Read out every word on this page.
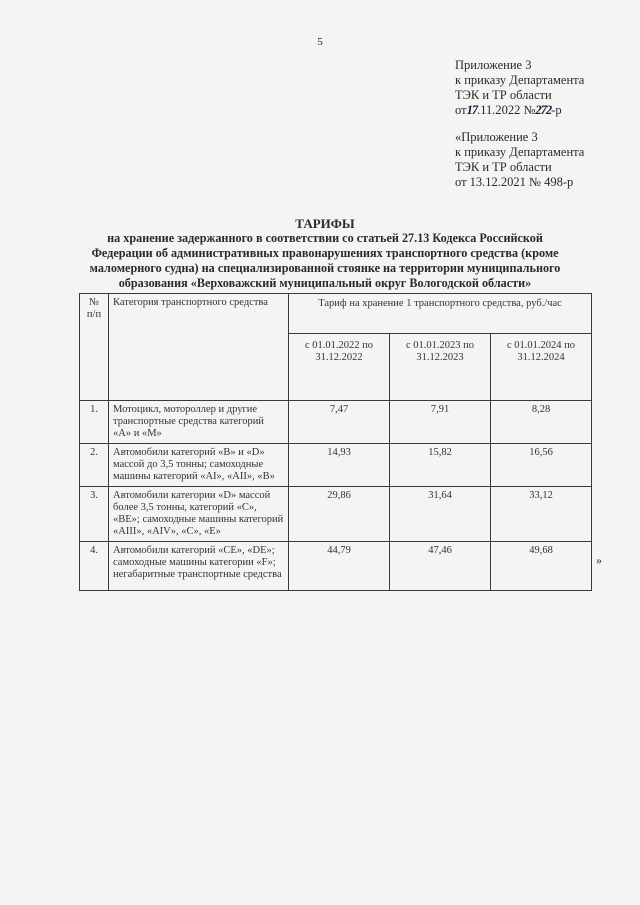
5
Приложение 3
к приказу Департамента
ТЭК и ТР области
от17.11.2022 №272-р
«Приложение 3
к приказу Департамента
ТЭК и ТР области
от 13.12.2021 № 498-р
ТАРИФЫ
на хранение задержанного в соответствии со статьей 27.13 Кодекса Российской
Федерации об административных правонарушениях транспортного средства (кроме
маломерного судна) на специализированной стоянке на территории муниципального
образования «Верховажский муниципальный округ Вологодской области»
№ п/п	Категория транспортного средства	Тариф на хранение 1 транспортного средства, руб./час		
		с 01.01.2022 по 31.12.2022	с 01.01.2023 по 31.12.2023	с 01.01.2024 по 31.12.2024
1.	Мотоцикл, мотороллер и другие транспортные средства категорий «А» и «М»	7,47	7,91	8,28
2.	Автомобили категорий «В» и «D» массой до 3,5 тонны; самоходные машины категорий «AI», «AII», «В»	14,93	15,82	16,56
3.	Автомобили категории «D» массой более 3,5 тонны, категорий «С», «ВЕ»; самоходные машины категорий «AIII», «AIV», «С», «Е»	29,86	31,64	33,12
4.	Автомобили категорий «СЕ», «DE»; самоходные машины категории «F»; негабаритные транспортные средства	44,79	47,46	49,68
»
